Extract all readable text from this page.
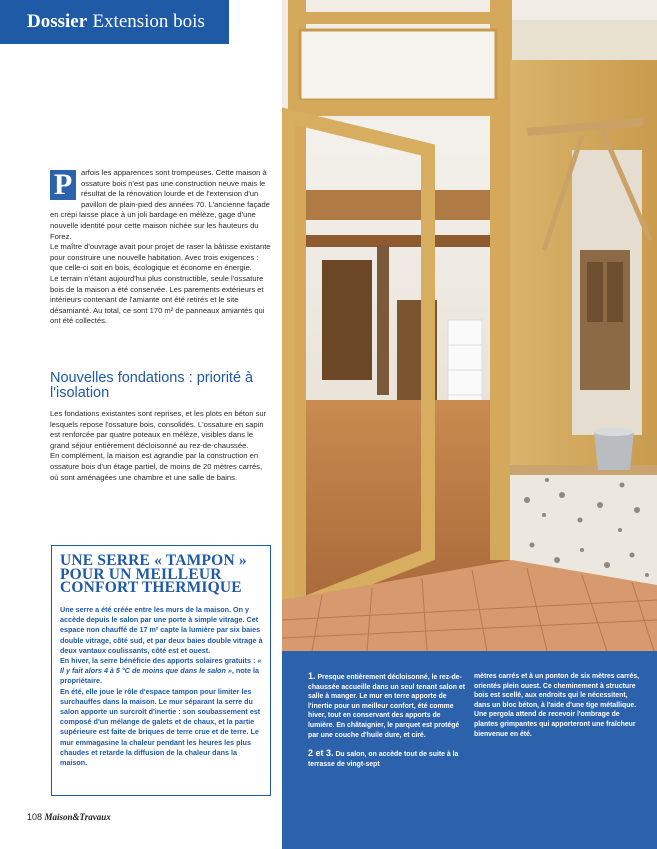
Dossier Extension bois

P	arfois les apparences sont trompeuses. Cette maison à ossature bois n'est pas une construction neuve mais le résultat de la rénovation lourde et de l'extension d'un pavillon de plain-pied des années 70. L'ancienne façade en crépi laisse place à un joli bardage en mélèze, gage d'une nouvelle identité pour cette maison nichée sur les hauteurs du Forez.

Le maître d'ouvrage avait pour projet de raser la bâtisse existante pour construire une nouvelle habitation. Avec trois exigences : que celle-ci soit en bois, écologique et économe en énergie.

Le terrain n'étant aujourd'hui plus constructible, seule l'ossature bois de la maison a été conservée. Les parements extérieurs et intérieurs contenant de l'amiante ont été retirés et le site désamianté. Au total, ce sont 170 m² de panneaux amiantés qui ont été collectés.

Nouvelles fondations : priorité à l'isolation

Les fondations existantes sont reprises, et les plots en béton sur lesquels repose l'ossature bois, consolidés. L'ossature en sapin est renforcée par quatre poteaux en mélèze, visibles dans le grand séjour entièrement décloisonné au rez-de-chaussée.

En complément, la maison est agrandie par la construction en ossature bois d'un étage partiel, de moins de 20 mètres carrés, où sont aménagées une chambre et une salle de bains.

UNE SERRE « TAMPON » POUR UN MEILLEUR CONFORT THERMIQUE

Une serre a été créée entre les murs de la maison. On y accède depuis le salon par une porte à simple vitrage. Cet espace non chauffé de 17 m² capte la lumière par six baies double vitrage, côté sud, et par deux baies double vitrage à deux vantaux coulissants, côté est et ouest.

En hiver, la serre bénéficie des apports solaires gratuits : « Il y fait alors 4 à 5 °C de moins que dans le salon », note la propriétaire.

En été, elle joue le rôle d'espace tampon pour limiter les surchauffes dans la maison. Le mur séparant la serre du salon apporte un surcroît d'inertie : son soubassement est composé d'un mélange de galets et de chaux, et la partie supérieure est faite de briques de terre crue et de terre. Le mur emmagasine la chaleur pendant les heures les plus chaudes et retarde la diffusion de la chaleur dans la maison.

108 Maison&Travaux

1. Presque entièrement décloisonné, le rez-de-chaussée accueille dans un seul tenant salon et salle à manger. Le mur en terre apporte de l'inertie pour un meilleur confort, été comme hiver, tout en conservant des apports de lumière. En châtaignier, le parquet est protégé par une couche d'huile dure, et ciré.

2 et 3. Du salon, on accède tout de suite à la terrasse de vingt-sept

mètres carrés et à un ponton de six mètres carrés, orientés plein ouest. Ce cheminement à structure bois est scellé, aux endroits qui le nécessitent, dans un bloc béton, à l'aide d'une tige métallique. Une pergola attend de recevoir l'ombrage de plantes grimpantes qui apporteront une fraîcheur bienvenue en été.
